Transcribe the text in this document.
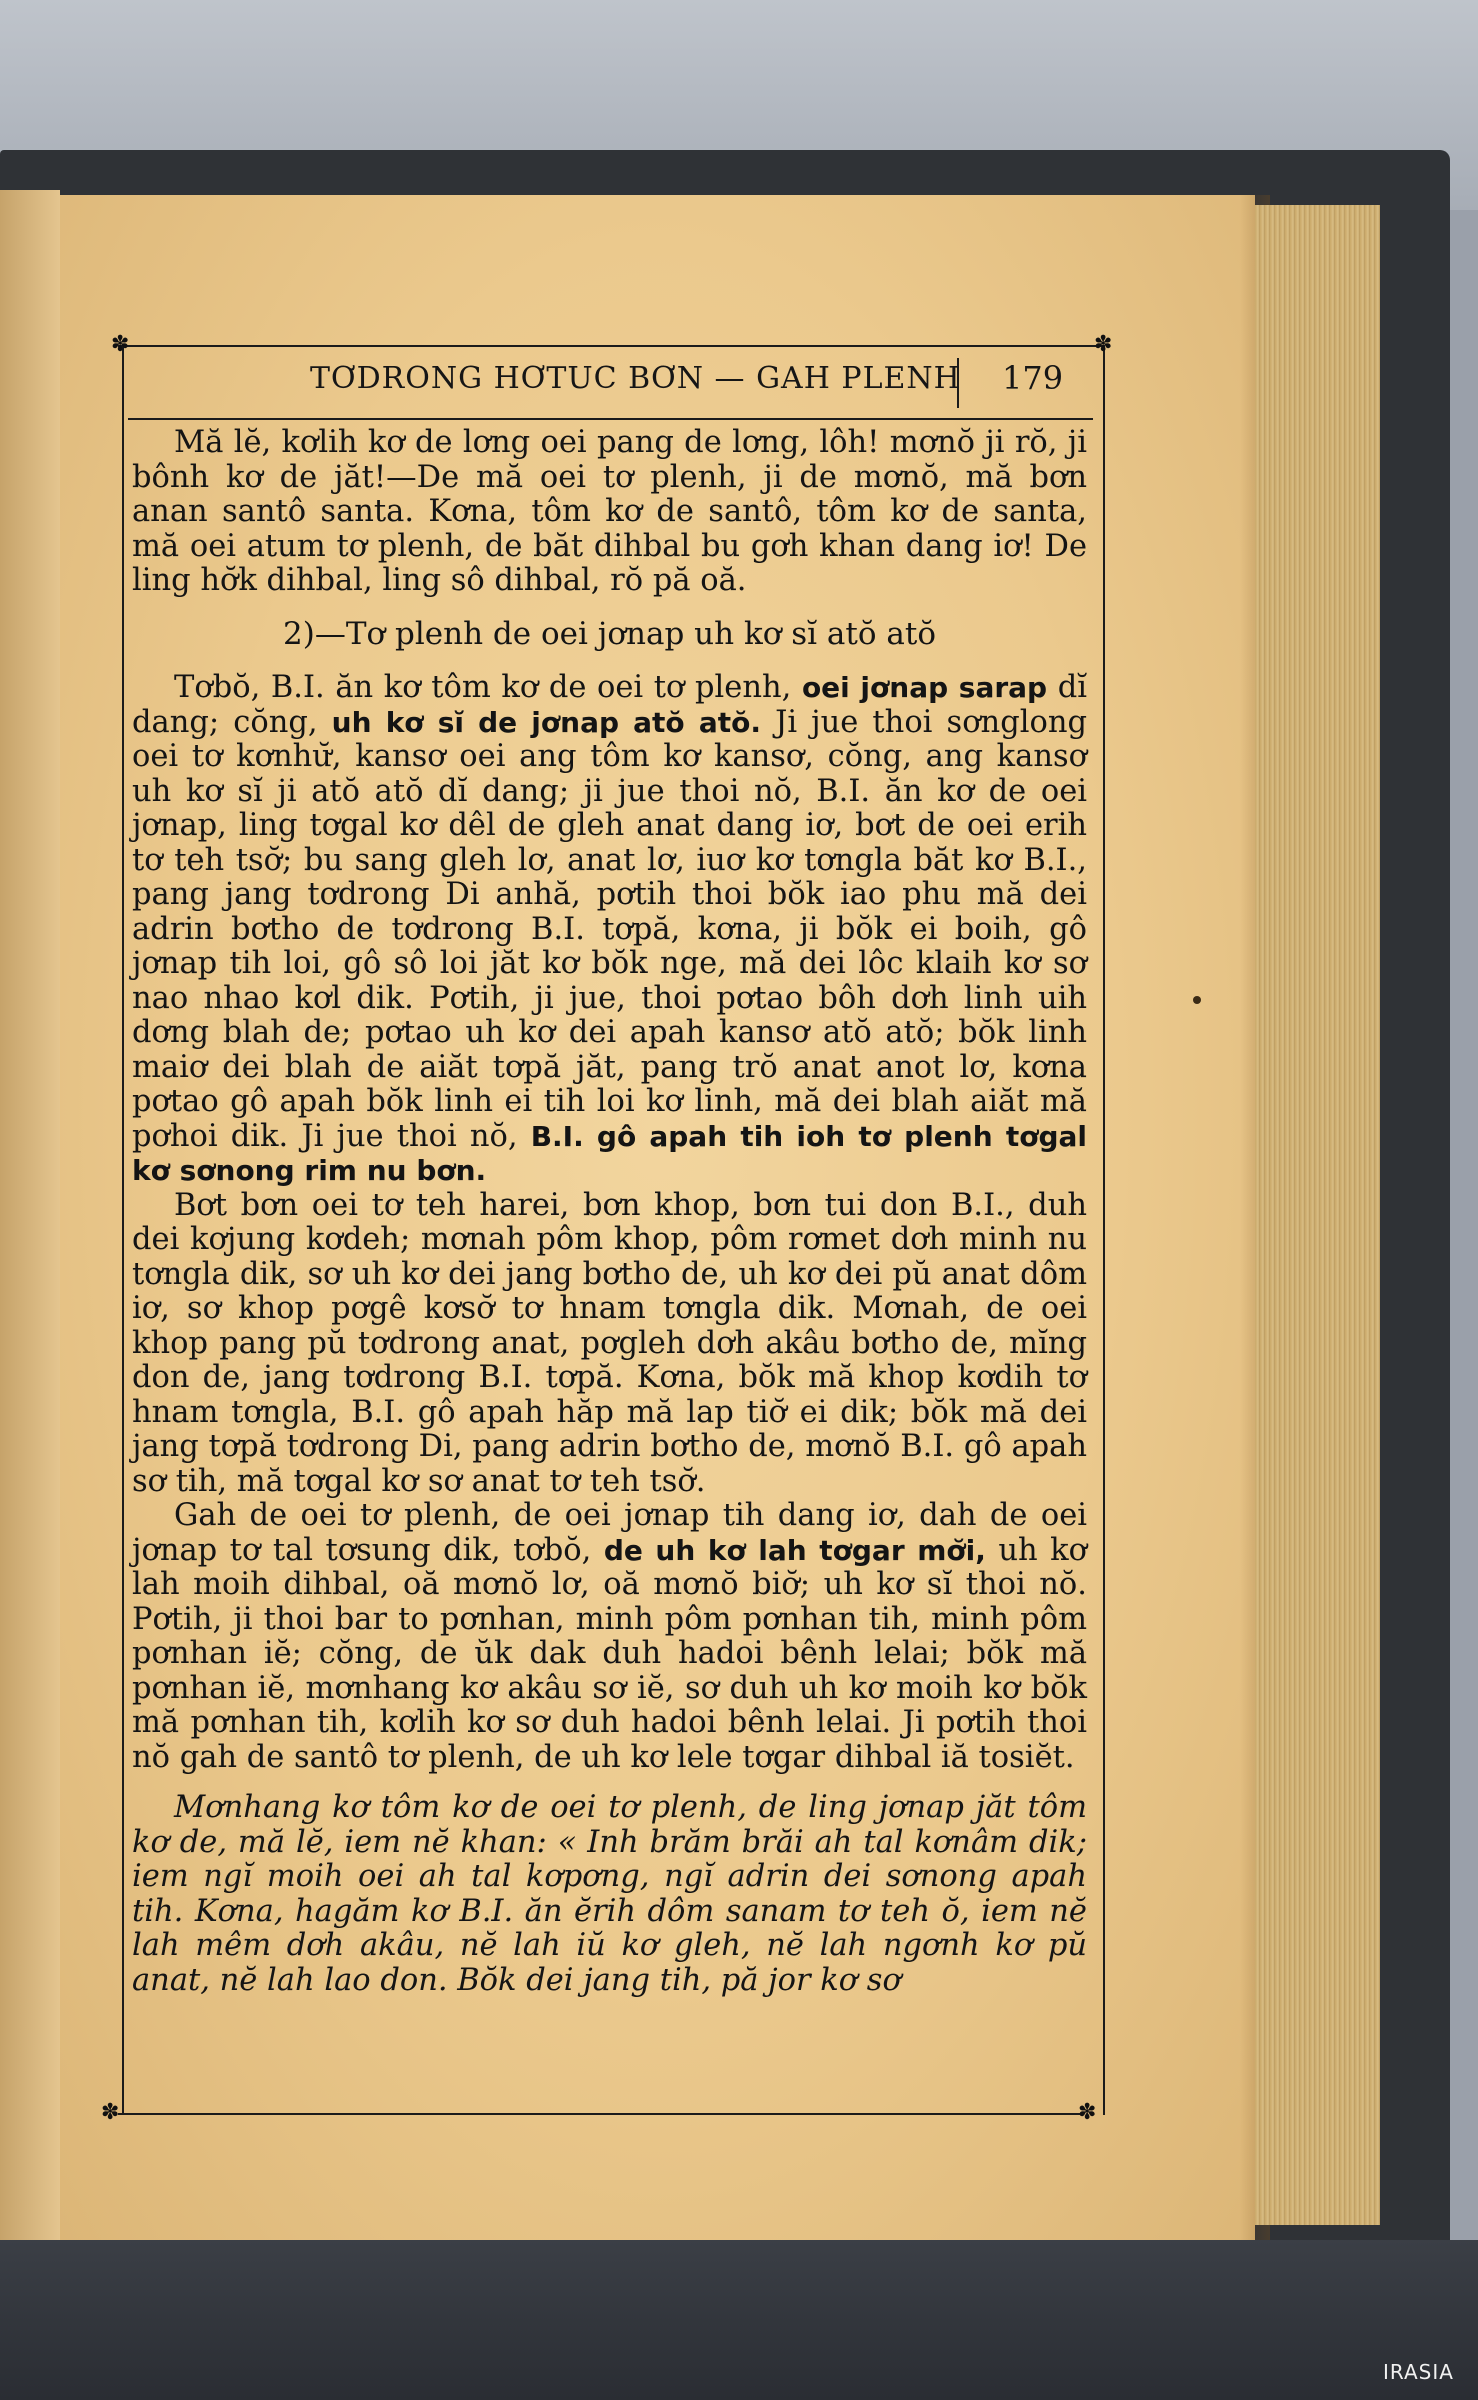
✽	✽
✽	✽
TƠDRONG HƠTUC BƠN — GAH PLENH 179

Mă lĕ, kơlih kơ de lơng oei pang de lơng, lôh! mơnŏ ji rŏ, ji bônh kơ de jăt!—De mă oei tơ plenh, ji de mơnŏ, mă bơn anan santô santa. Kơna, tôm kơ de santô, tôm kơ de santa, mă oei atum tơ plenh, de băt dihbal bu gơh khan dang iơ! De ling hơ̆k dihbal, ling sô dihbal, rŏ pă oă.

2)—Tơ plenh de oei jơnap uh kơ sĭ atŏ atŏ

Tơbŏ, B.I. ăn kơ tôm kơ de oei tơ plenh, oei jơnap sarap dĭ dang; cŏng, uh kơ sĭ de jơnap atŏ atŏ. Ji jue thoi sơnglong oei tơ kơnhư̆, kansơ oei ang tôm kơ kansơ, cŏng, ang kansơ uh kơ sĭ ji atŏ atŏ dĭ dang; ji jue thoi nŏ, B.I. ăn kơ de oei jơnap, ling tơgal kơ dêl de gleh anat dang iơ, bơt de oei erih tơ teh tsơ̆; bu sang gleh lơ, anat lơ, iuơ kơ tơngla băt kơ B.I., pang jang tơdrong Di anhă, pơtih thoi bŏk iao phu mă dei adrin bơtho de tơdrong B.I. tơpă, kơna, ji bŏk ei boih, gô jơnap tih loi, gô sô loi jăt kơ bŏk nge, mă dei lôc klaih kơ sơ nao nhao kơl dik. Pơtih, ji jue, thoi pơtao bôh dơh linh uih dơng blah de; pơtao uh kơ dei apah kansơ atŏ atŏ; bŏk linh maiơ dei blah de aiăt tơpă jăt, pang trŏ anat anot lơ, kơna pơtao gô apah bŏk linh ei tih loi kơ linh, mă dei blah aiăt mă pơhoi dik. Ji jue thoi nŏ, B.I. gô apah tih ioh tơ plenh tơgal kơ sơnong rim nu bơn.

Bơt bơn oei tơ teh harei, bơn khop, bơn tui don B.I., duh dei kơjung kơdeh; mơnah pôm khop, pôm rơmet dơh minh nu tơngla dik, sơ uh kơ dei jang bơtho de, uh kơ dei pŭ anat dôm iơ, sơ khop pơgê kơsơ̆ tơ hnam tơngla dik. Mơnah, de oei khop pang pŭ tơdrong anat, pơgleh dơh akâu bơtho de, mĭng don de, jang tơdrong B.I. tơpă. Kơna, bŏk mă khop kơdih tơ hnam tơngla, B.I. gô apah hăp mă lap tiơ̆ ei dik; bŏk mă dei jang tơpă tơdrong Di, pang adrin bơtho de, mơnŏ B.I. gô apah sơ tih, mă tơgal kơ sơ anat tơ teh tsơ̆.

Gah de oei tơ plenh, de oei jơnap tih dang iơ, dah de oei jơnap tơ tal tơsung dik, tơbŏ, de uh kơ lah tơgar mơ̆i, uh kơ lah moih dihbal, oă mơnŏ lơ, oă mơnŏ biơ̆; uh kơ sĭ thoi nŏ. Pơtih, ji thoi bar to pơnhan, minh pôm pơnhan tih, minh pôm pơnhan iĕ; cŏng, de ŭk dak duh hadoi bênh lelai; bŏk mă pơnhan iĕ, mơnhang kơ akâu sơ iĕ, sơ duh uh kơ moih kơ bŏk mă pơnhan tih, kơlih kơ sơ duh hadoi bênh lelai. Ji pơtih thoi nŏ gah de santô tơ plenh, de uh kơ lele tơgar dihbal iă tosiĕt.

Mơnhang kơ tôm kơ de oei tơ plenh, de ling jơnap jăt tôm kơ de, mă lĕ, iem nĕ khan: « Inh brăm brăi ah tal kơnâm dik; iem ngĭ moih oei ah tal kơpơng, ngĭ adrin dei sơnong apah tih. Kơna, hagăm kơ B.I. ăn ĕrih dôm sanam tơ teh ŏ, iem nĕ lah mêm dơh akâu, nĕ lah iŭ kơ gleh, nĕ lah ngơnh kơ pŭ anat, nĕ lah lao don. Bŏk dei jang tih, pă jor kơ sơ

IRASIA
